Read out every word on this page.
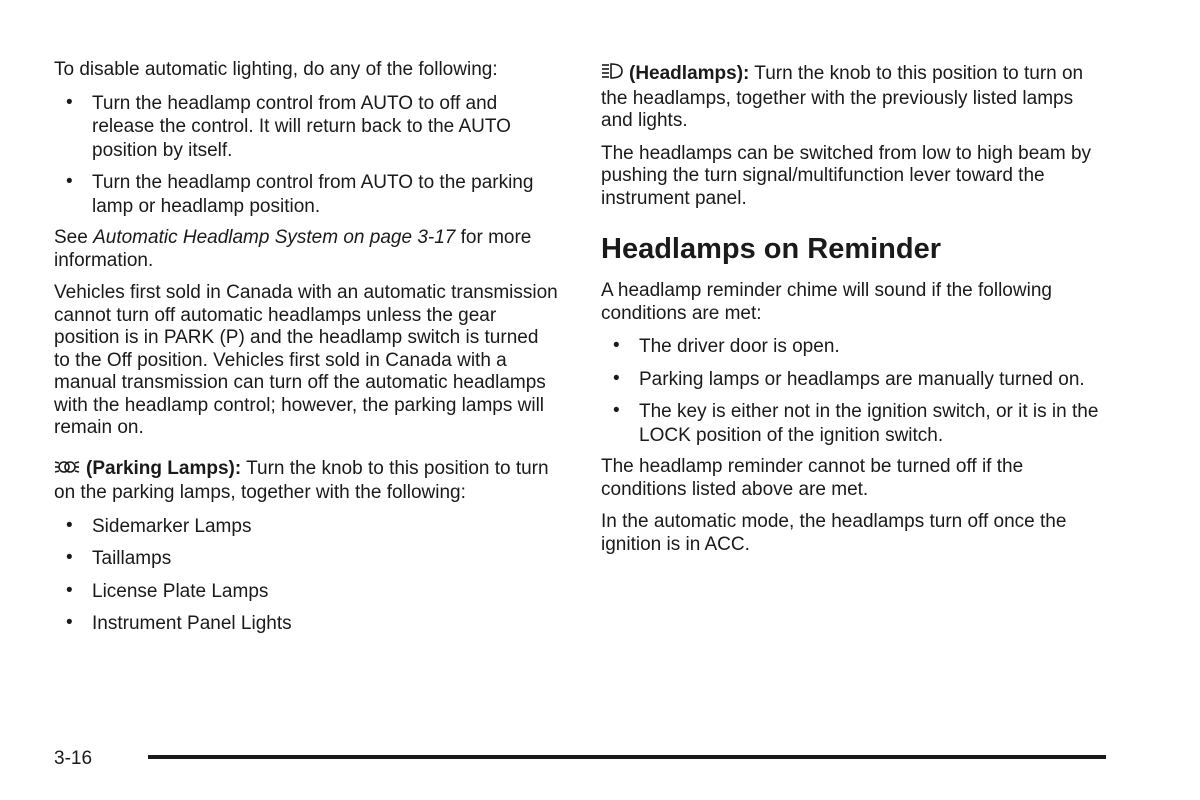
To disable automatic lighting, do any of the following:

• Turn the headlamp control from AUTO to off and release the control. It will return back to the AUTO position by itself.
• Turn the headlamp control from AUTO to the parking lamp or headlamp position.

See Automatic Headlamp System on page 3-17 for more information.

Vehicles first sold in Canada with an automatic transmission cannot turn off automatic headlamps unless the gear position is in PARK (P) and the headlamp switch is turned to the Off position. Vehicles first sold in Canada with a manual transmission can turn off the automatic headlamps with the headlamp control; however, the parking lamps will remain on.

(Parking Lamps): Turn the knob to this position to turn on the parking lamps, together with the following:

• Sidemarker Lamps
• Taillamps
• License Plate Lamps
• Instrument Panel Lights

(Headlamps): Turn the knob to this position to turn on the headlamps, together with the previously listed lamps and lights.

The headlamps can be switched from low to high beam by pushing the turn signal/multifunction lever toward the instrument panel.

Headlamps on Reminder

A headlamp reminder chime will sound if the following conditions are met:

• The driver door is open.
• Parking lamps or headlamps are manually turned on.
• The key is either not in the ignition switch, or it is in the LOCK position of the ignition switch.

The headlamp reminder cannot be turned off if the conditions listed above are met.

In the automatic mode, the headlamps turn off once the ignition is in ACC.

3-16
